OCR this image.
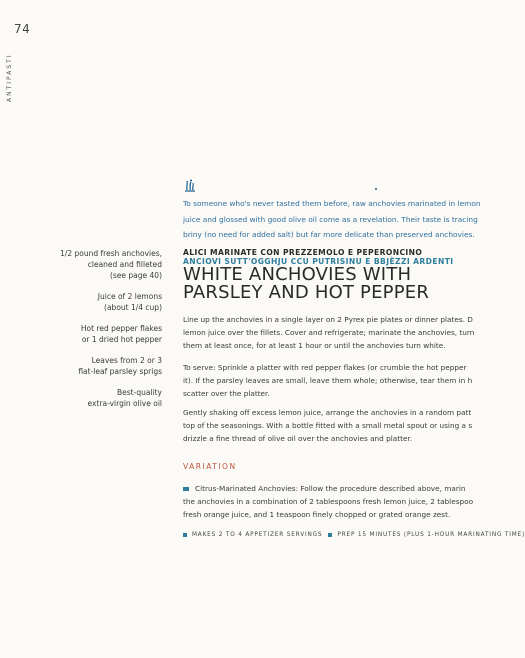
74
ANTIPASTI
To someone who's never tasted them before, raw anchovies marinated in lemon
juice and glossed with good olive oil come as a revelation. Their taste is tracing
briny (no need for added salt) but far more delicate than preserved anchovies.
1/2 pound fresh anchovies,
cleaned and filleted
(see page 40)
Juice of 2 lemons
(about 1/4 cup)
Hot red pepper flakes
or 1 dried hot pepper
Leaves from 2 or 3
flat-leaf parsley sprigs
Best-quality
extra-virgin olive oil
ALICI MARINATE CON PREZZEMOLO E PEPERONCINO
ANCIOVI SUTT'OGGHJU CCU PUTRISINU E BBJÈZZI ARDENTI
WHITE ANCHOVIES WITH
PARSLEY AND HOT PEPPER
Line up the anchovies in a single layer on 2 Pyrex pie plates or dinner plates. D
lemon juice over the fillets. Cover and refrigerate; marinate the anchovies, turn
them at least once, for at least 1 hour or until the anchovies turn white.
To serve: Sprinkle a platter with red pepper flakes (or crumble the hot pepper
it). If the parsley leaves are small, leave them whole; otherwise, tear them in h
scatter over the platter.
Gently shaking off excess lemon juice, arrange the anchovies in a random patt
top of the seasonings. With a bottle fitted with a small metal spout or using a s
drizzle a fine thread of olive oil over the anchovies and platter.
VARIATION
Citrus-Marinated Anchovies: Follow the procedure described above, marin
the anchovies in a combination of 2 tablespoons fresh lemon juice, 2 tablespoo
fresh orange juice, and 1 teaspoon finely chopped or grated orange zest.
MAKES 2 TO 4 APPETIZER SERVINGS	PREP 15 MINUTES (PLUS 1-HOUR MARINATING TIME)
